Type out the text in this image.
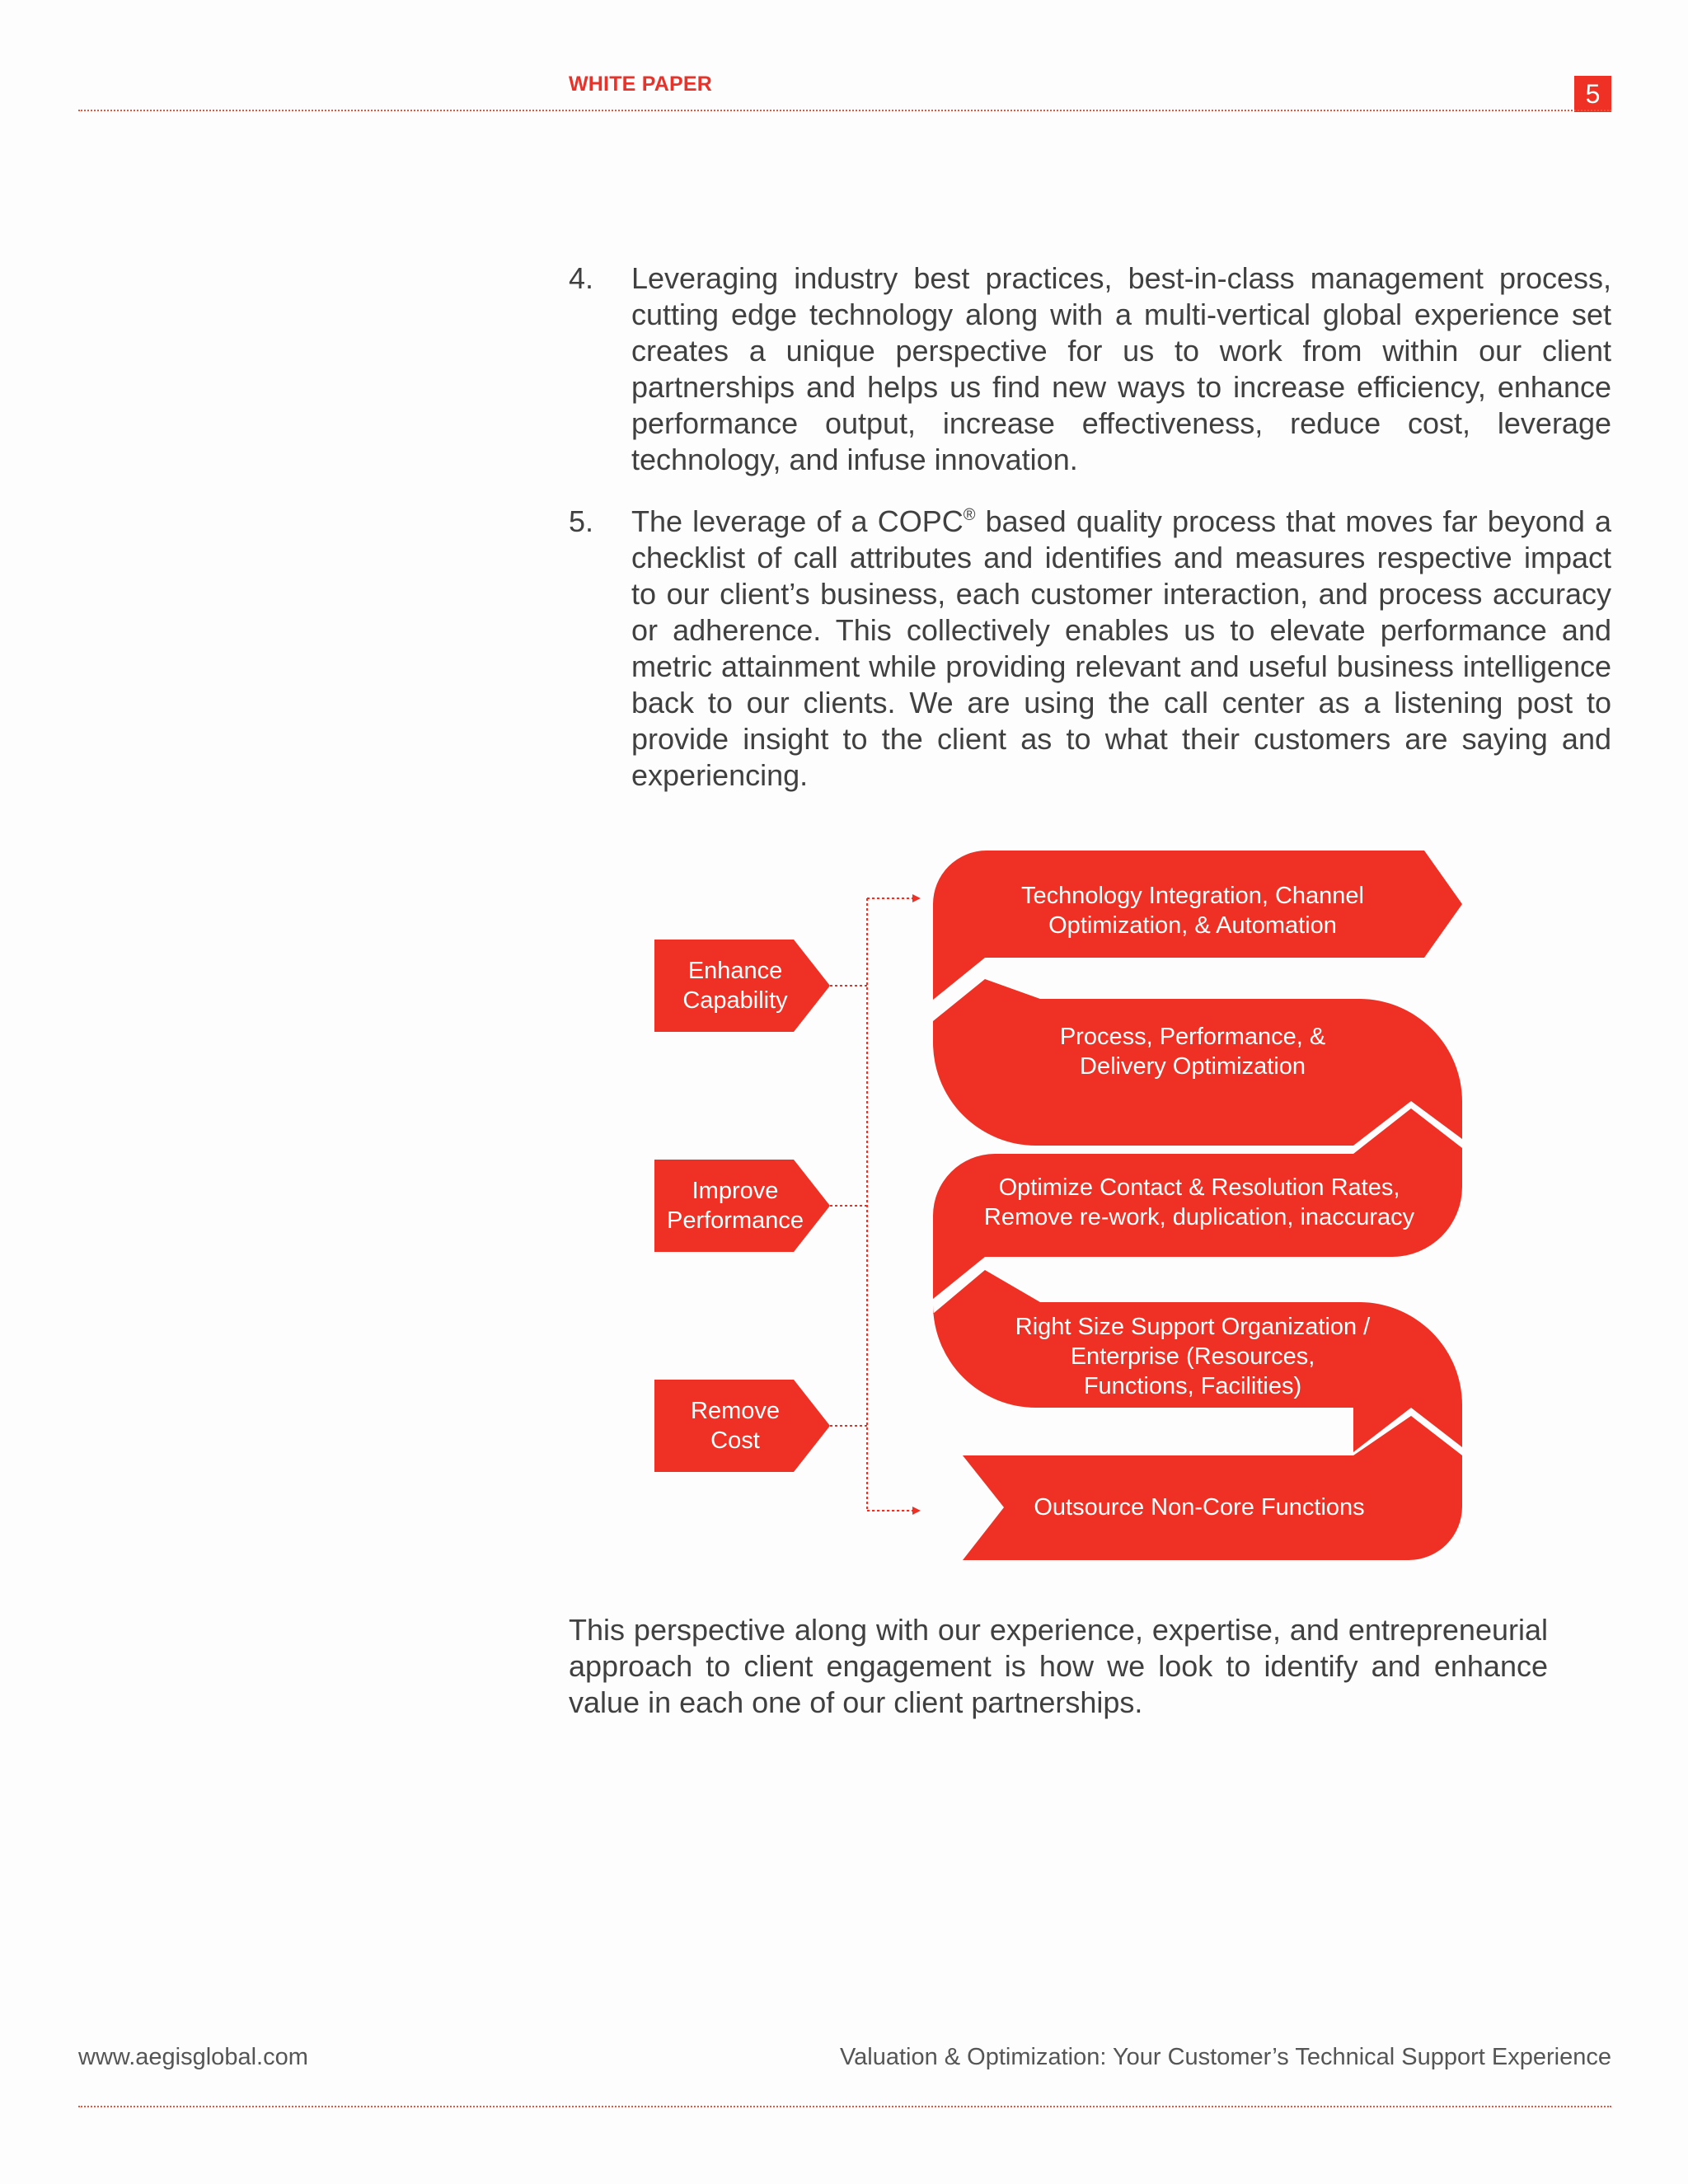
WHITE PAPER	5
4. Leveraging industry best practices, best-in-class management process, cutting edge technology along with a multi-vertical global experience set creates a unique perspective for us to work from within our client partnerships and helps us find new ways to increase efficiency, enhance performance output, increase effectiveness, reduce cost, leverage technology, and infuse innovation.

5. The leverage of a COPC® based quality process that moves far beyond a checklist of call attributes and identifies and measures respective impact to our client’s business, each customer interaction, and process accuracy or adherence. This collectively enables us to elevate performance and metric attainment while providing relevant and useful business intelligence back to our clients. We are using the call center as a listening post to provide insight to the client as to what their customers are saying and experiencing.

Enhance
Capability
Improve
Performance
Remove
Cost
Technology Integration, Channel
Optimization, & Automation
Process, Performance, &
Delivery Optimization
Optimize Contact & Resolution Rates,
Remove re-work, duplication, inaccuracy
Right Size Support Organization /
Enterprise (Resources,
Functions, Facilities)
Outsource Non-Core Functions

This perspective along with our experience, expertise, and entrepreneurial approach to client engagement is how we look to identify and enhance value in each one of our client partnerships.

www.aegisglobal.com	Valuation & Optimization: Your Customer’s Technical Support Experience
